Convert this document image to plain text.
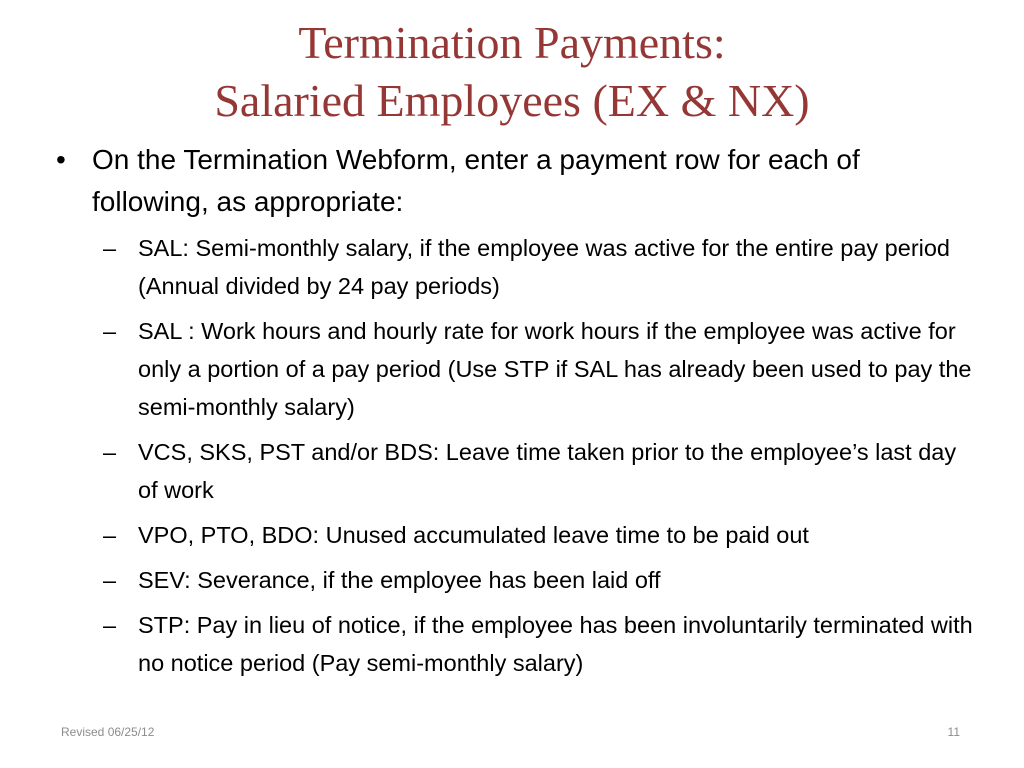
Termination Payments:
Salaried Employees (EX & NX)
• On the Termination Webform, enter a payment row for each of following, as appropriate:
– SAL: Semi-monthly salary, if the employee was active for the entire pay period (Annual divided by 24 pay periods)
– SAL : Work hours and hourly rate for work hours if the employee was active for only a portion of a pay period (Use STP if SAL has already been used to pay the semi-monthly salary)
– VCS, SKS, PST and/or BDS: Leave time taken prior to the employee’s last day of work
– VPO, PTO, BDO: Unused accumulated leave time to be paid out
– SEV: Severance, if the employee has been laid off
– STP: Pay in lieu of notice, if the employee has been involuntarily terminated with no notice period (Pay semi-monthly salary)
Revised 06/25/12	11
